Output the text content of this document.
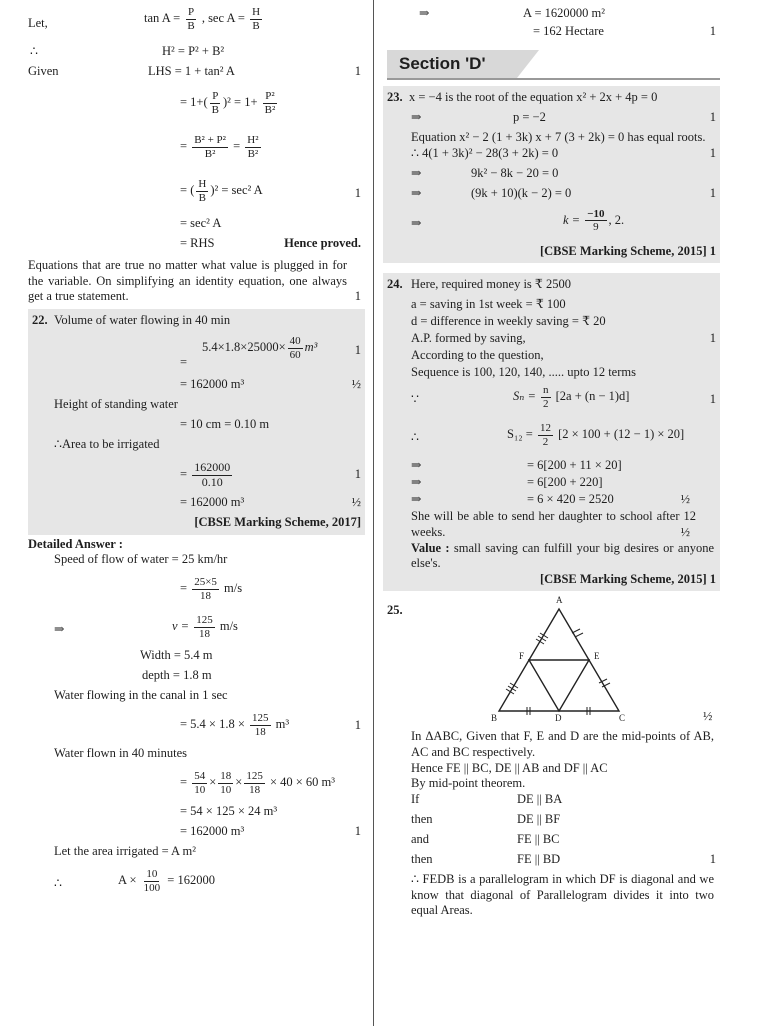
Let,	$\tan A = \frac{P}{B}$ , $\sec A = \frac{H}{B}$
∴	H² = P² + B²
Given	LHS = 1 + tan² A	1
= $1+( \frac{P}{B} )^2 = 1+ \frac{\text{P²}}{\text{B²}}$
= $\frac{\text{B² + P²}}{\text{B²}} = \frac{\text{H²}}{\text{B²}}$
= ( $\frac{H}{B} )^2 = \sec^2$ A	1
= sec² A
= RHS	Hence proved.
Equations that are true no matter what value is plugged in for the variable. On simplifying an identity equation, one always get a true statement.	1
22. Volume of water flowing in 40 min
=
$5.4\times 1.8\times 25000\times \frac{40}{60} m^3$	1
= 162000 m³	½
Height of standing water
= 10 cm = 0.10 m
∴Area to be irrigated
= $\frac{162000}{0.10}$	1
= 162000 m³	½
[CBSE Marking Scheme, 2017]
Detailed Answer :
Speed of flow of water = 25 km/hr
= $\frac{25\times 5}{18} m/s$
⇒	$v = \frac{125}{18} m/s$
Width = 5.4 m
depth = 1.8 m
Water flowing in the canal in 1 sec
= $5.4 \times 1.8 \times \frac{125}{18} m^3$	1
Water flown in 40 minutes
= $\frac{54}{10} \times \frac{18}{10} \times \frac{125}{18} \times 40 \times 60$ m³
= 54 × 125 × 24 m³
= 162000 m³	1
Let the area irrigated = A m²
∴	$A \times \frac{10}{100} = 162000$
⇒	A = 1620000 m²
= 162 Hectare	1
Section 'D'
23. x = −4 is the root of the equation x² + 2x + 4p = 0
⇒	p = −2	1
Equation x² − 2 (1 + 3k) x + 7 (3 + 2k) = 0 has equal roots.
∴ 4(1 + 3k)² − 28(3 + 2k) = 0	1
⇒	9k² − 8k − 20 = 0
⇒	(9k + 10)(k − 2) = 0	1
⇒	$k = \frac{-10}{9}$ , 2.
[CBSE Marking Scheme, 2015] 1
24. Here, required money is ₹ 2500
a = saving in 1st week = ₹ 100
d = difference in weekly saving = ₹ 20
A.P. formed by saving,	1
According to the question,
Sequence is 100, 120, 140, ..... upto 12 terms
∵	$S_n = \frac{n}{2} [2a + (n - 1)d]$	1
∴	$S_{12} = \frac{12}{2} [2 \times 100 + (12 - 1) \times 20]$
⇒	= 6[200 + 11 × 20]
⇒	= 6[200 + 220]
⇒	= 6 × 420 = 2520	½
She will be able to send her daughter to school after 12 weeks.	½
Value : small saving can fulfill your big desires or anyone else's.
[CBSE Marking Scheme, 2015] 1
25.
A
B	C
D
E
F
½
In ΔABC, Given that F, E and D are the mid-points of AB, AC and BC respectively.
Hence FE || BC, DE || AB and DF || AC
By mid-point theorem.
If	DE || BA
then	DE || BF
and	FE || BC
then	FE || BD	1
∴ FEDB is a parallelogram in which DF is diagonal and we know that diagonal of Parallelogram divides it into two equal Areas.
